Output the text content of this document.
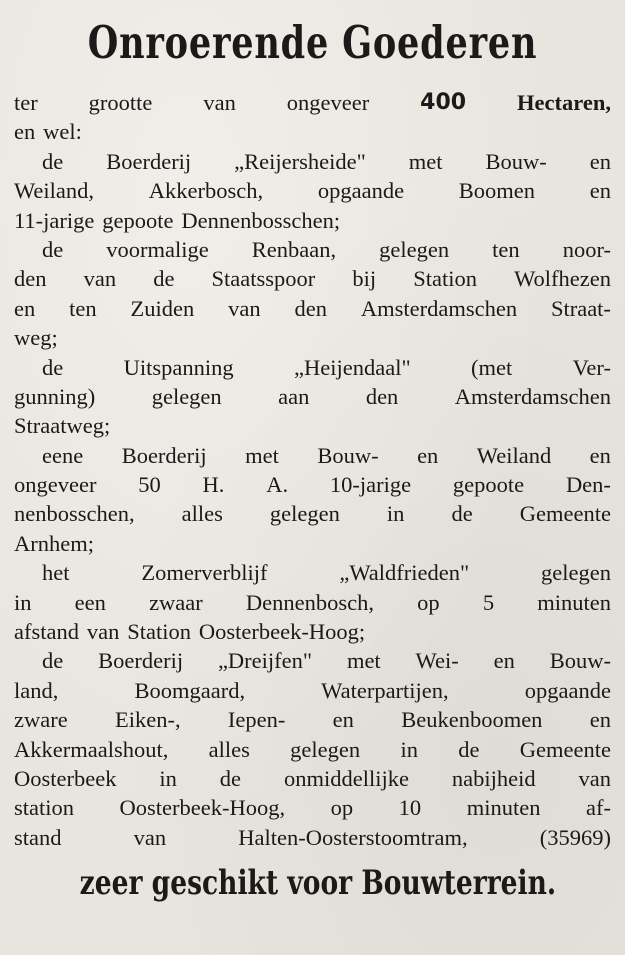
Onroerende Goederen
ter grootte van ongeveer 400 Hectaren,
en wel:
de Boerderij „Reijersheide" met Bouw- en
Weiland, Akkerbosch, opgaande Boomen en
11-jarige gepoote Dennenbosschen;
de voormalige Renbaan, gelegen ten noor-
den van de Staatsspoor bij Station Wolfhezen
en ten Zuiden van den Amsterdamschen Straat-
weg;
de	Uitspanning	„Heijendaal"	(met	Ver-
gunning)	gelegen	aan	den	Amsterdamschen
Straatweg;
eene Boerderij met Bouw- en Weiland en
ongeveer 50 H. A. 10-jarige gepoote Den-
nenbosschen, alles gelegen in de Gemeente
Arnhem;
het	Zomerverblijf	„Waldfrieden"	gelegen
in een zwaar Dennenbosch, op 5 minuten
afstand van Station Oosterbeek-Hoog;
de Boerderij „Dreijfen" met Wei- en Bouw-
land,	Boomgaard,	Waterpartijen,	opgaande
zware Eiken-, Iepen- en Beukenboomen en
Akkermaalshout, alles gelegen in de Gemeente
Oosterbeek in de onmiddellijke nabijheid van
station Oosterbeek-Hoog, op 10 minuten af-
stand	van	Halten-Oosterstoomtram,	(35969)
zeer geschikt voor Bouwterrein.
